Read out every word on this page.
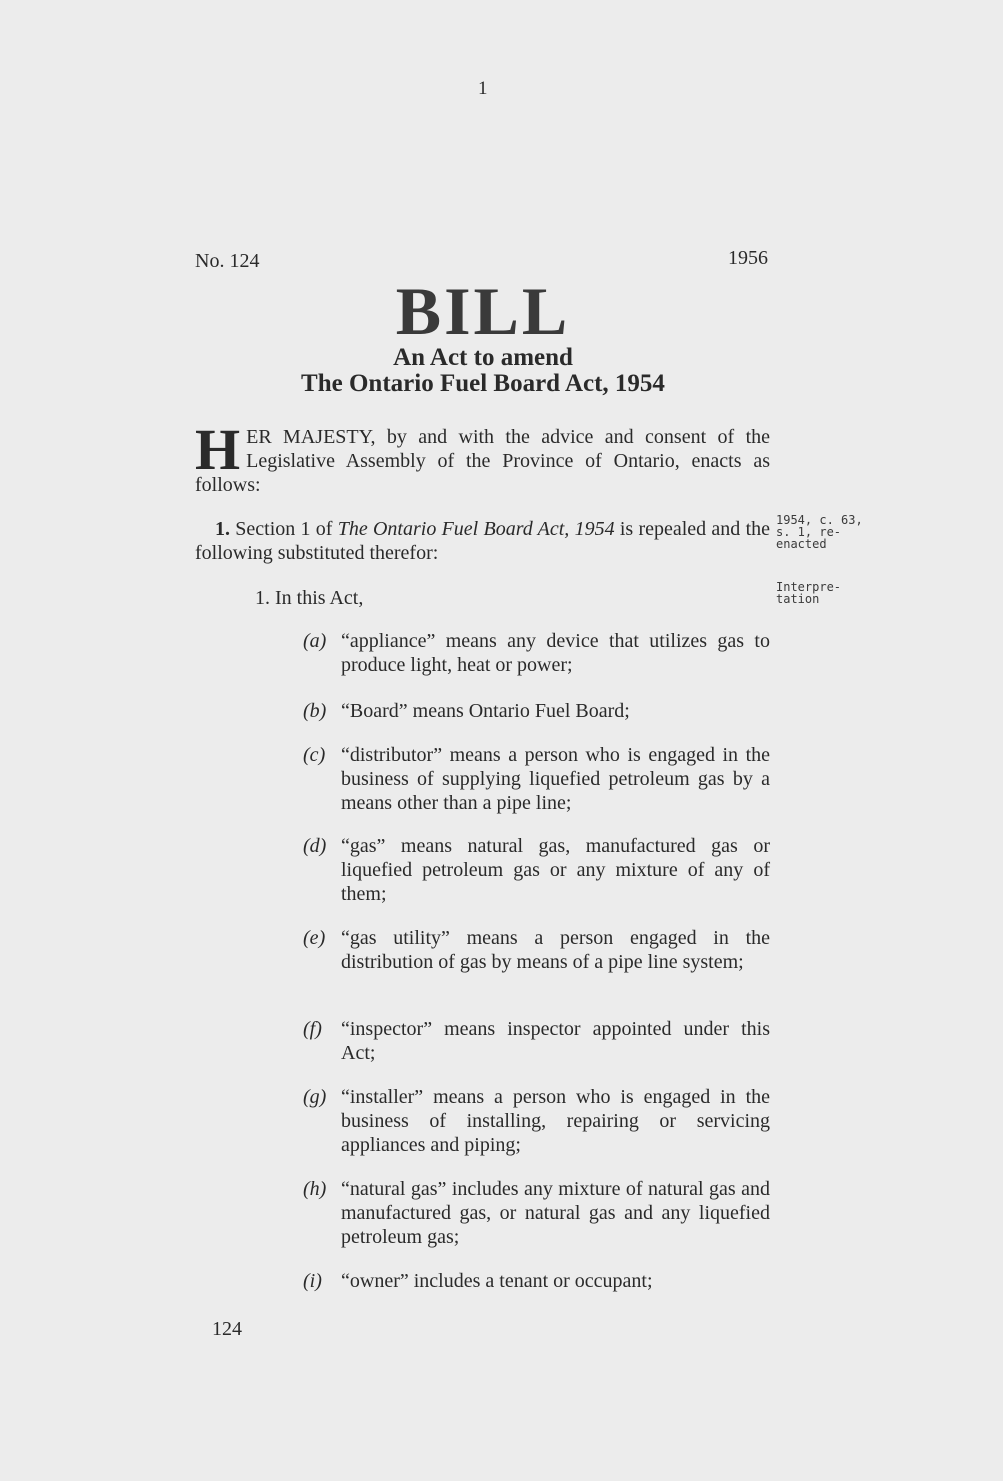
1
No. 124	1956
BILL
An Act to amend
The Ontario Fuel Board Act, 1954
HER MAJESTY, by and with the advice and consent of the Legislative Assembly of the Province of Ontario, enacts as follows:
1. Section 1 of The Ontario Fuel Board Act, 1954 is repealed and the following substituted therefor:
1954, c. 63, s. 1, re-enacted
1. In this Act,	Interpre-tation
(a) “appliance” means any device that utilizes gas to produce light, heat or power;
(b) “Board” means Ontario Fuel Board;
(c) “distributor” means a person who is engaged in the business of supplying liquefied petroleum gas by a means other than a pipe line;
(d) “gas” means natural gas, manufactured gas or liquefied petroleum gas or any mixture of any of them;
(e) “gas utility” means a person engaged in the distribution of gas by means of a pipe line system;
(f) “inspector” means inspector appointed under this Act;
(g) “installer” means a person who is engaged in the business of installing, repairing or servicing appliances and piping;
(h) “natural gas” includes any mixture of natural gas and manufactured gas, or natural gas and any liquefied petroleum gas;
(i) “owner” includes a tenant or occupant;
124
